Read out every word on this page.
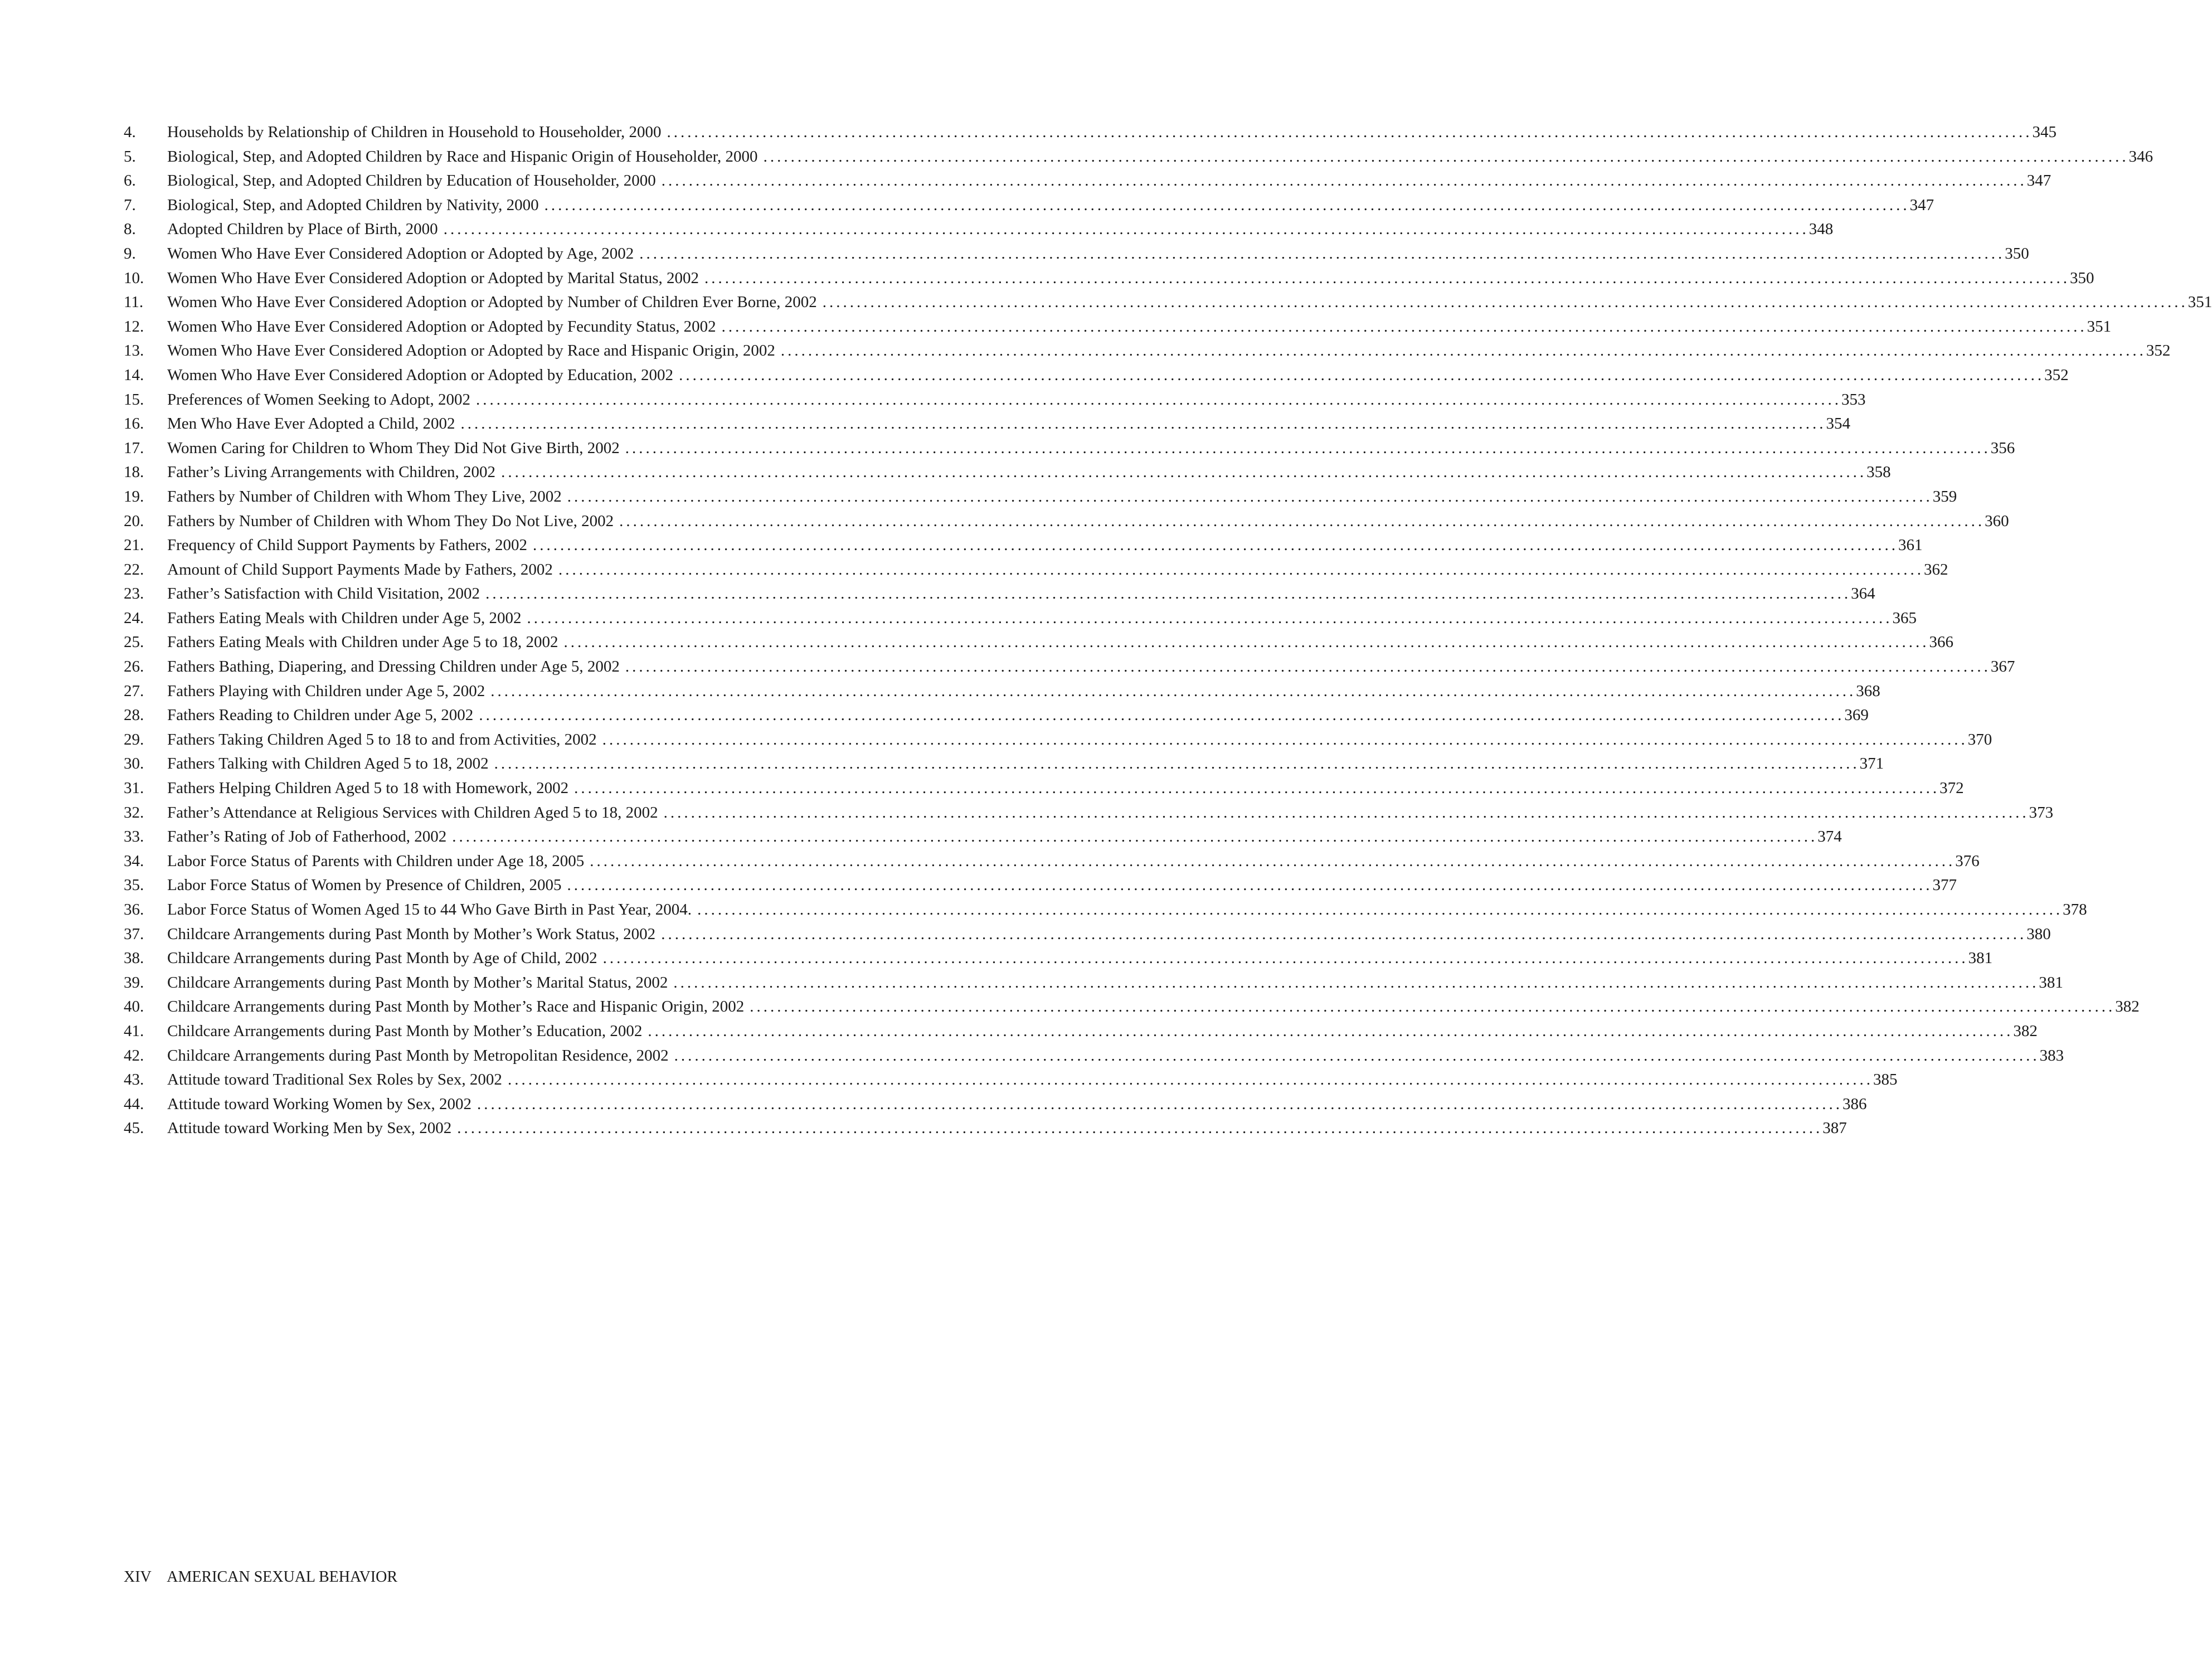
4.	Households by Relationship of Children in Household to Householder, 2000 ........................................................................................................................................................................................................ 345
5.	Biological, Step, and Adopted Children by Race and Hispanic Origin of Householder, 2000 ........................................................................................................................................................................................................ 346
6.	Biological, Step, and Adopted Children by Education of Householder, 2000 ........................................................................................................................................................................................................ 347
7.	Biological, Step, and Adopted Children by Nativity, 2000 ........................................................................................................................................................................................................ 347
8.	Adopted Children by Place of Birth, 2000 ........................................................................................................................................................................................................ 348
9.	Women Who Have Ever Considered Adoption or Adopted by Age, 2002 ........................................................................................................................................................................................................ 350
10.	Women Who Have Ever Considered Adoption or Adopted by Marital Status, 2002 ........................................................................................................................................................................................................ 350
11.	Women Who Have Ever Considered Adoption or Adopted by Number of Children Ever Borne, 2002 ........................................................................................................................................................................................................ 351
12.	Women Who Have Ever Considered Adoption or Adopted by Fecundity Status, 2002 ........................................................................................................................................................................................................ 351
13.	Women Who Have Ever Considered Adoption or Adopted by Race and Hispanic Origin, 2002 ........................................................................................................................................................................................................ 352
14.	Women Who Have Ever Considered Adoption or Adopted by Education, 2002 ........................................................................................................................................................................................................ 352
15.	Preferences of Women Seeking to Adopt, 2002 ........................................................................................................................................................................................................ 353
16.	Men Who Have Ever Adopted a Child, 2002 ........................................................................................................................................................................................................ 354
17.	Women Caring for Children to Whom They Did Not Give Birth, 2002 ........................................................................................................................................................................................................ 356
18.	Father’s Living Arrangements with Children, 2002 ........................................................................................................................................................................................................ 358
19.	Fathers by Number of Children with Whom They Live, 2002 ........................................................................................................................................................................................................ 359
20.	Fathers by Number of Children with Whom They Do Not Live, 2002 ........................................................................................................................................................................................................ 360
21.	Frequency of Child Support Payments by Fathers, 2002 ........................................................................................................................................................................................................ 361
22.	Amount of Child Support Payments Made by Fathers, 2002 ........................................................................................................................................................................................................ 362
23.	Father’s Satisfaction with Child Visitation, 2002 ........................................................................................................................................................................................................ 364
24.	Fathers Eating Meals with Children under Age 5, 2002 ........................................................................................................................................................................................................ 365
25.	Fathers Eating Meals with Children under Age 5 to 18, 2002 ........................................................................................................................................................................................................ 366
26.	Fathers Bathing, Diapering, and Dressing Children under Age 5, 2002 ........................................................................................................................................................................................................ 367
27.	Fathers Playing with Children under Age 5, 2002 ........................................................................................................................................................................................................ 368
28.	Fathers Reading to Children under Age 5, 2002 ........................................................................................................................................................................................................ 369
29.	Fathers Taking Children Aged 5 to 18 to and from Activities, 2002 ........................................................................................................................................................................................................ 370
30.	Fathers Talking with Children Aged 5 to 18, 2002 ........................................................................................................................................................................................................ 371
31.	Fathers Helping Children Aged 5 to 18 with Homework, 2002 ........................................................................................................................................................................................................ 372
32.	Father’s Attendance at Religious Services with Children Aged 5 to 18, 2002 ........................................................................................................................................................................................................ 373
33.	Father’s Rating of Job of Fatherhood, 2002 ........................................................................................................................................................................................................ 374
34.	Labor Force Status of Parents with Children under Age 18, 2005 ........................................................................................................................................................................................................ 376
35.	Labor Force Status of Women by Presence of Children, 2005 ........................................................................................................................................................................................................ 377
36.	Labor Force Status of Women Aged 15 to 44 Who Gave Birth in Past Year, 2004. ........................................................................................................................................................................................................ 378
37.	Childcare Arrangements during Past Month by Mother’s Work Status, 2002 ........................................................................................................................................................................................................ 380
38.	Childcare Arrangements during Past Month by Age of Child, 2002 ........................................................................................................................................................................................................ 381
39.	Childcare Arrangements during Past Month by Mother’s Marital Status, 2002 ........................................................................................................................................................................................................ 381
40.	Childcare Arrangements during Past Month by Mother’s Race and Hispanic Origin, 2002 ........................................................................................................................................................................................................ 382
41.	Childcare Arrangements during Past Month by Mother’s Education, 2002 ........................................................................................................................................................................................................ 382
42.	Childcare Arrangements during Past Month by Metropolitan Residence, 2002 ........................................................................................................................................................................................................ 383
43.	Attitude toward Traditional Sex Roles by Sex, 2002 ........................................................................................................................................................................................................ 385
44.	Attitude toward Working Women by Sex, 2002 ........................................................................................................................................................................................................ 386
45.	Attitude toward Working Men by Sex, 2002 ........................................................................................................................................................................................................ 387
XIV AMERICAN SEXUAL BEHAVIOR
